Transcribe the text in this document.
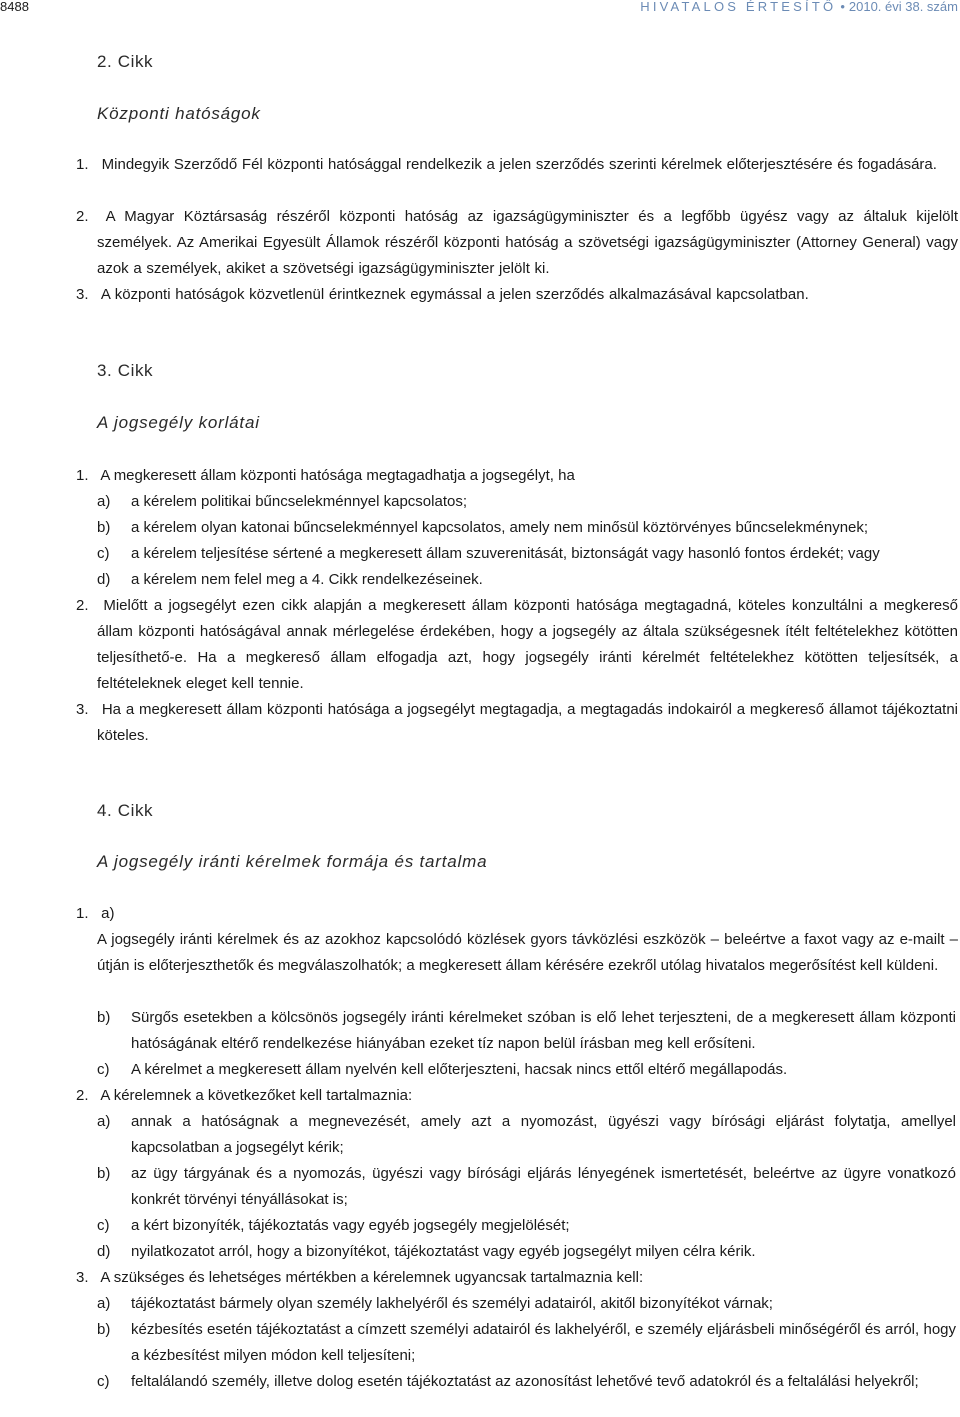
8488	HIVATALOS ÉRTESÍTŐ • 2010. évi 38. szám
2. Cikk
Központi hatóságok
1. Mindegyik Szerződő Fél központi hatósággal rendelkezik a jelen szerződés szerinti kérelmek előterjesztésére és fogadására.
2. A Magyar Köztársaság részéről központi hatóság az igazságügyminiszter és a legfőbb ügyész vagy az általuk kijelölt személyek. Az Amerikai Egyesült Államok részéről központi hatóság a szövetségi igazságügyminiszter (Attorney General) vagy azok a személyek, akiket a szövetségi igazságügyminiszter jelölt ki.
3. A központi hatóságok közvetlenül érintkeznek egymással a jelen szerződés alkalmazásával kapcsolatban.
3. Cikk
A jogsegély korlátai
1. A megkeresett állam központi hatósága megtagadhatja a jogsegélyt, ha
a) a kérelem politikai bűncselekménnyel kapcsolatos;
b) a kérelem olyan katonai bűncselekménnyel kapcsolatos, amely nem minősül köztörvényes bűncselekménynek;
c) a kérelem teljesítése sértené a megkeresett állam szuverenitását, biztonságát vagy hasonló fontos érdekét; vagy
d) a kérelem nem felel meg a 4. Cikk rendelkezéseinek.
2. Mielőtt a jogsegélyt ezen cikk alapján a megkeresett állam központi hatósága megtagadná, köteles konzultálni a megkereső állam központi hatóságával annak mérlegelése érdekében, hogy a jogsegély az általa szükségesnek ítélt feltételekhez kötötten teljesíthető-e. Ha a megkereső állam elfogadja azt, hogy jogsegély iránti kérelmét feltételekhez kötötten teljesítsék, a feltételeknek eleget kell tennie.
3. Ha a megkeresett állam központi hatósága a jogsegélyt megtagadja, a megtagadás indokairól a megkereső államot tájékoztatni köteles.
4. Cikk
A jogsegély iránti kérelmek formája és tartalma
1. a)
A jogsegély iránti kérelmek és az azokhoz kapcsolódó közlések gyors távközlési eszközök – beleértve a faxot vagy az e-mailt – útján is előterjeszthetők és megválaszolhatók; a megkeresett állam kérésére ezekről utólag hivatalos megerősítést kell küldeni.
b) Sürgős esetekben a kölcsönös jogsegély iránti kérelmeket szóban is elő lehet terjeszteni, de a megkeresett állam központi hatóságának eltérő rendelkezése hiányában ezeket tíz napon belül írásban meg kell erősíteni.
c) A kérelmet a megkeresett állam nyelvén kell előterjeszteni, hacsak nincs ettől eltérő megállapodás.
2. A kérelemnek a következőket kell tartalmaznia:
a) annak a hatóságnak a megnevezését, amely azt a nyomozást, ügyészi vagy bírósági eljárást folytatja, amellyel kapcsolatban a jogsegélyt kérik;
b) az ügy tárgyának és a nyomozás, ügyészi vagy bírósági eljárás lényegének ismertetését, beleértve az ügyre vonatkozó konkrét törvényi tényállásokat is;
c) a kért bizonyíték, tájékoztatás vagy egyéb jogsegély megjelölését;
d) nyilatkozatot arról, hogy a bizonyítékot, tájékoztatást vagy egyéb jogsegélyt milyen célra kérik.
3. A szükséges és lehetséges mértékben a kérelemnek ugyancsak tartalmaznia kell:
a) tájékoztatást bármely olyan személy lakhelyéről és személyi adatairól, akitől bizonyítékot várnak;
b) kézbesítés esetén tájékoztatást a címzett személyi adatairól és lakhelyéről, e személy eljárásbeli minőségéről és arról, hogy a kézbesítést milyen módon kell teljesíteni;
c) feltalálandó személy, illetve dolog esetén tájékoztatást az azonosítást lehetővé tevő adatokról és a feltalálási helyekről;
